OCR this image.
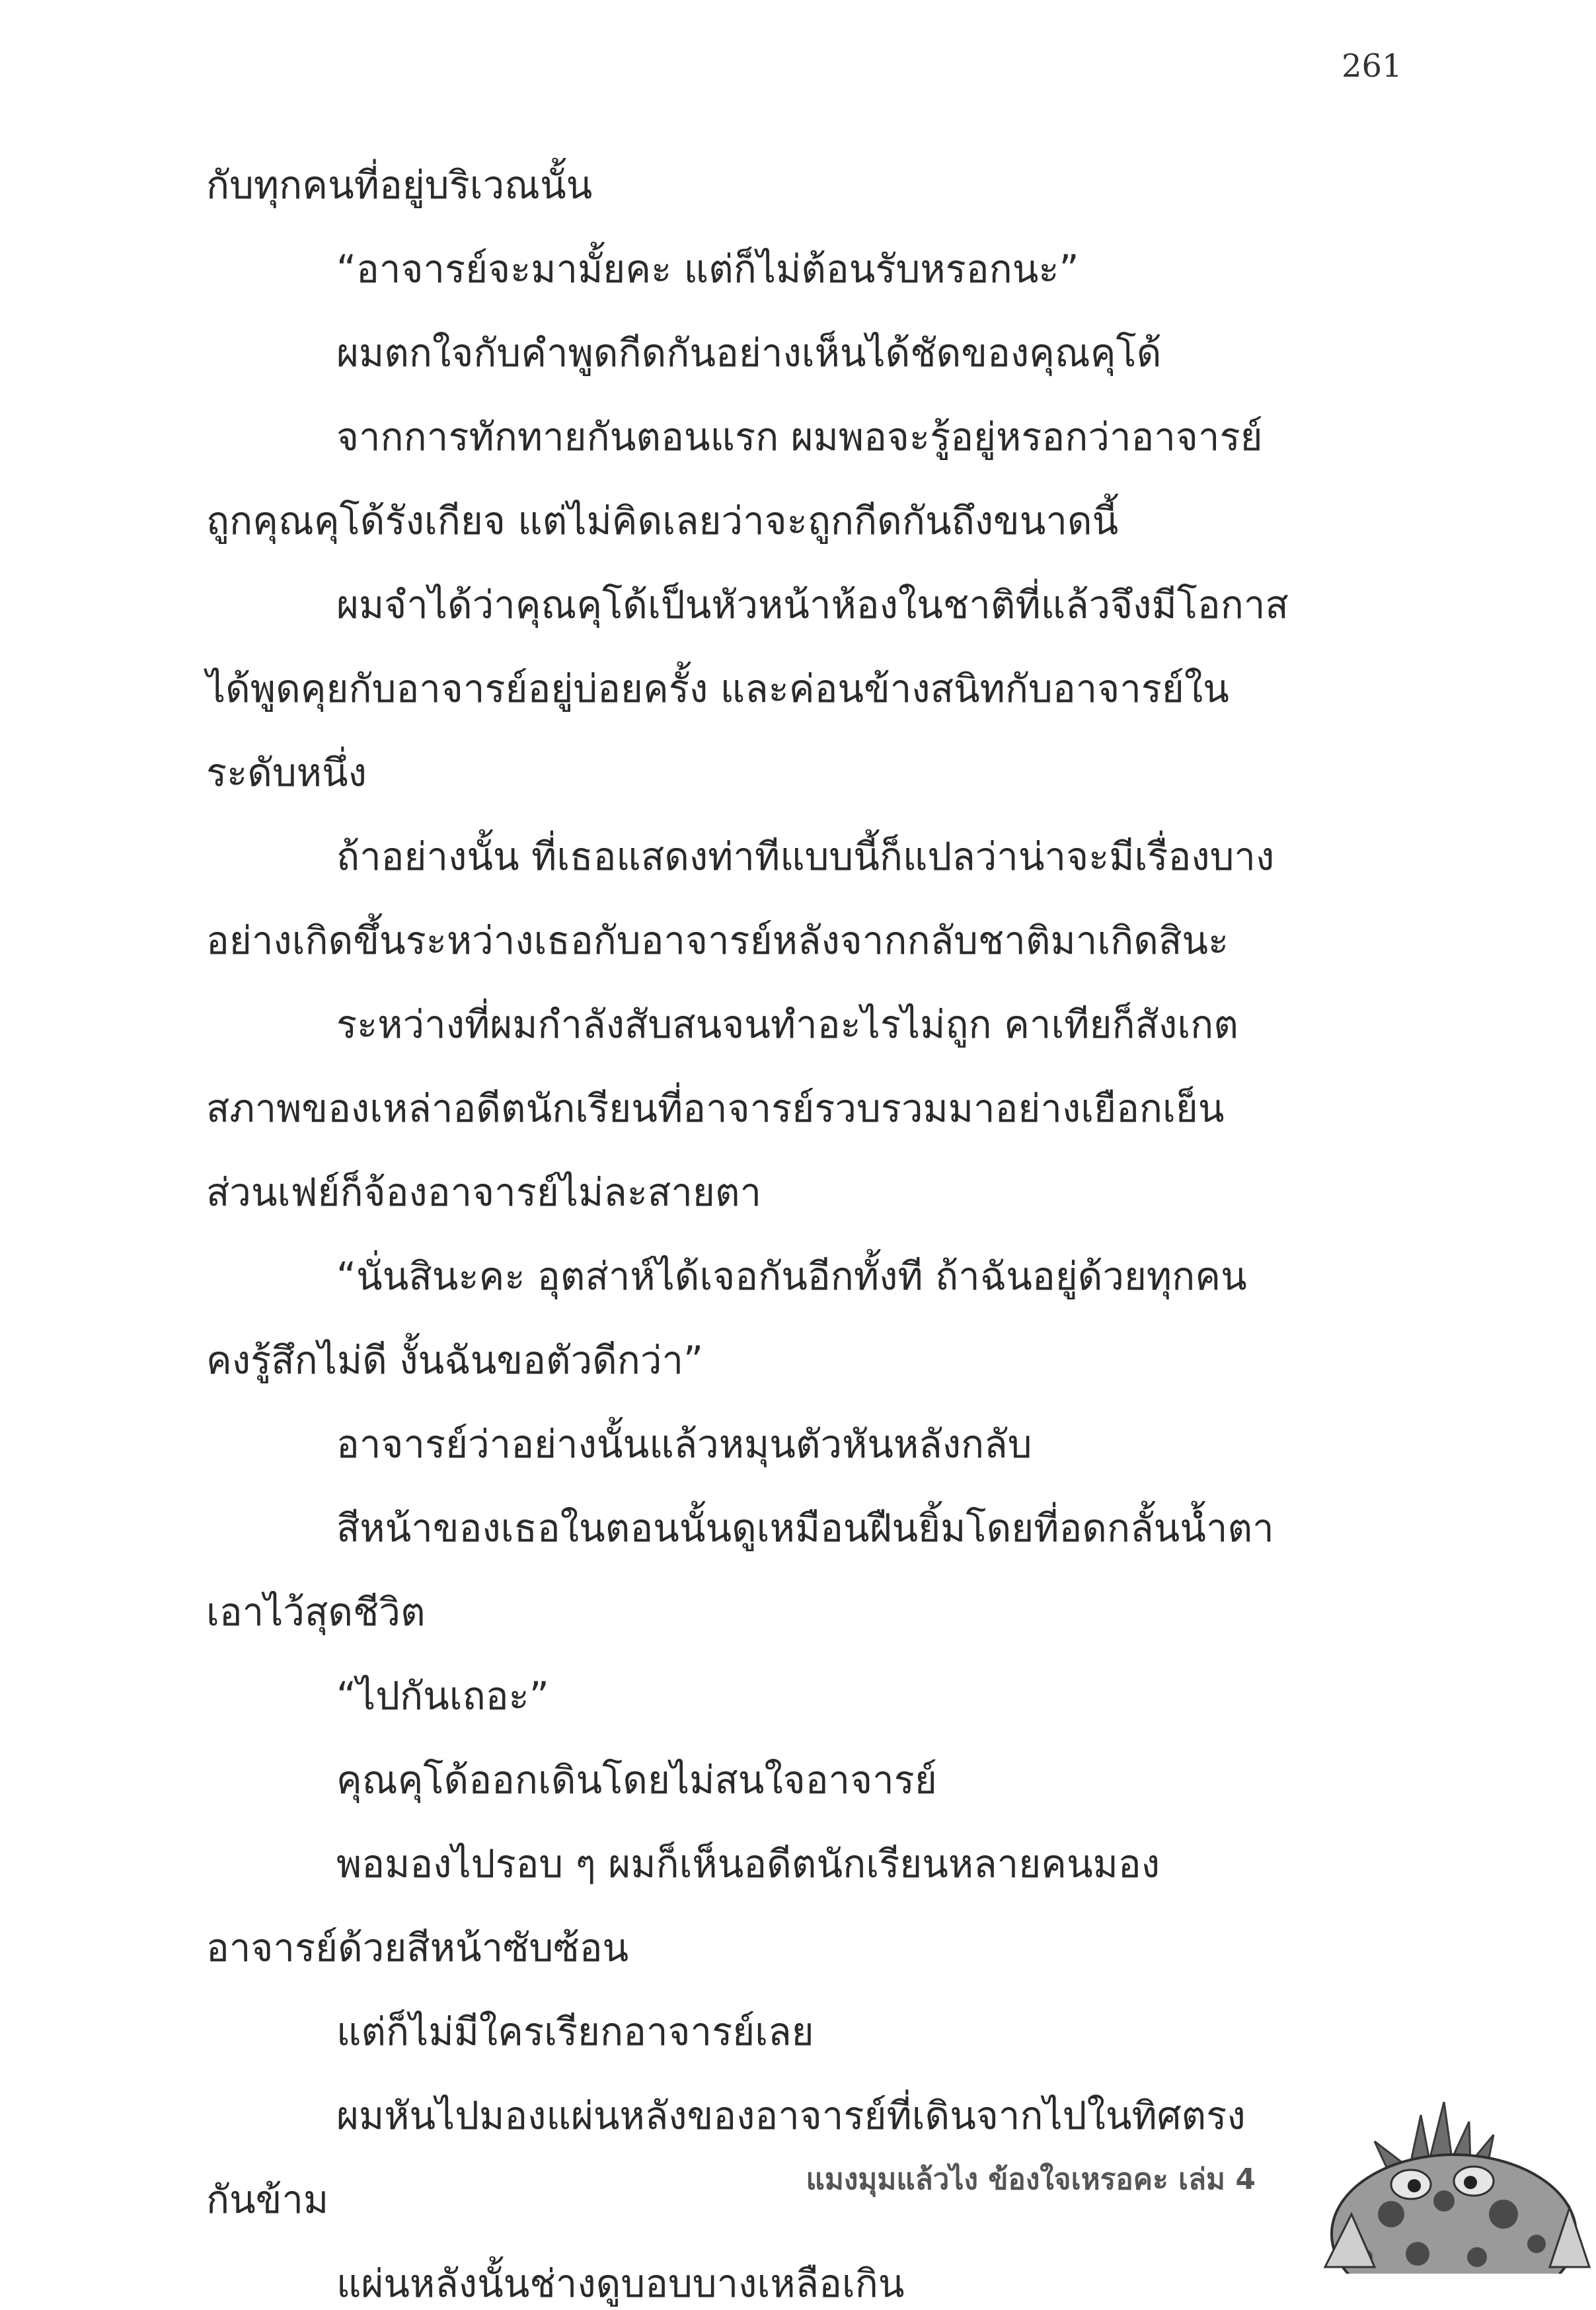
261
กับทุกคนที่อยู่บริเวณนั้น
“อาจารย์จะมามั้ยคะ แต่ก็ไม่ต้อนรับหรอกนะ”
ผมตกใจกับคำพูดกีดกันอย่างเห็นได้ชัดของคุณคุโด้
จากการทักทายกันตอนแรก ผมพอจะรู้อยู่หรอกว่าอาจารย์
ถูกคุณคุโด้รังเกียจ แต่ไม่คิดเลยว่าจะถูกกีดกันถึงขนาดนี้
ผมจำได้ว่าคุณคุโด้เป็นหัวหน้าห้องในชาติที่แล้วจึงมีโอกาส
ได้พูดคุยกับอาจารย์อยู่บ่อยครั้ง และค่อนข้างสนิทกับอาจารย์ใน
ระดับหนึ่ง
ถ้าอย่างนั้น ที่เธอแสดงท่าทีแบบนี้ก็แปลว่าน่าจะมีเรื่องบาง
อย่างเกิดขึ้นระหว่างเธอกับอาจารย์หลังจากกลับชาติมาเกิดสินะ
ระหว่างที่ผมกำลังสับสนจนทำอะไรไม่ถูก คาเทียก็สังเกต
สภาพของเหล่าอดีตนักเรียนที่อาจารย์รวบรวมมาอย่างเยือกเย็น
ส่วนเฟย์ก็จ้องอาจารย์ไม่ละสายตา
“นั่นสินะคะ อุตส่าห์ได้เจอกันอีกทั้งที ถ้าฉันอยู่ด้วยทุกคน
คงรู้สึกไม่ดี งั้นฉันขอตัวดีกว่า”
อาจารย์ว่าอย่างนั้นแล้วหมุนตัวหันหลังกลับ
สีหน้าของเธอในตอนนั้นดูเหมือนฝืนยิ้มโดยที่อดกลั้นน้ำตา
เอาไว้สุดชีวิต
“ไปกันเถอะ”
คุณคุโด้ออกเดินโดยไม่สนใจอาจารย์
พอมองไปรอบ ๆ ผมก็เห็นอดีตนักเรียนหลายคนมอง
อาจารย์ด้วยสีหน้าซับซ้อน
แต่ก็ไม่มีใครเรียกอาจารย์เลย
ผมหันไปมองแผ่นหลังของอาจารย์ที่เดินจากไปในทิศตรง
กันข้าม
แผ่นหลังนั้นช่างดูบอบบางเหลือเกิน
แมงมุมแล้วไง ข้องใจเหรอคะ เล่ม 4
